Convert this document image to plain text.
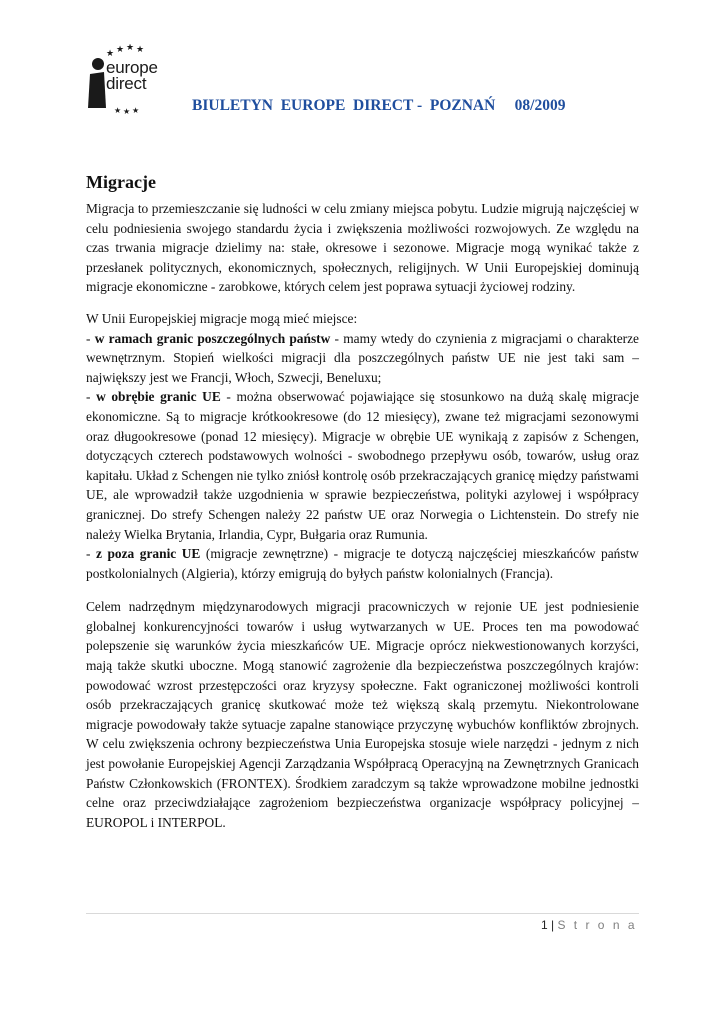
★ ★ ★ ★
★ ★ ★
europe
direct
BIULETYN  EUROPE  DIRECT -  POZNAŃ     08/2009
Migracje

Migracja to przemieszczanie się ludności w celu zmiany miejsca pobytu. Ludzie migrują najczęściej w celu podniesienia swojego standardu życia i zwiększenia możliwości rozwojowych. Ze względu na czas trwania migracje dzielimy na: stałe, okresowe i sezonowe. Migracje mogą wynikać także z przesłanek politycznych, ekonomicznych, społecznych, religijnych. W Unii Europejskiej dominują migracje ekonomiczne - zarobkowe, których celem jest poprawa sytuacji życiowej rodziny.

W Unii Europejskiej migracje mogą mieć miejsce:
- w ramach granic poszczególnych państw - mamy wtedy do czynienia z migracjami o charakterze wewnętrznym. Stopień wielkości migracji dla poszczególnych państw UE nie jest taki sam – największy jest we Francji, Włoch, Szwecji, Beneluxu;
- w obrębie granic UE - można obserwować pojawiające się stosunkowo na dużą skalę migracje ekonomiczne. Są to migracje krótkookresowe (do 12 miesięcy), zwane też migracjami sezonowymi oraz długookresowe (ponad 12 miesięcy). Migracje w obrębie UE wynikają z zapisów z Schengen, dotyczących czterech podstawowych wolności - swobodnego przepływu osób, towarów, usług oraz kapitału. Układ z Schengen nie tylko zniósł kontrolę osób przekraczających granicę między państwami UE, ale wprowadził także uzgodnienia w sprawie bezpieczeństwa, polityki azylowej i współpracy granicznej. Do strefy Schengen należy 22 państw UE oraz Norwegia o Lichtenstein. Do strefy nie należy Wielka Brytania, Irlandia, Cypr, Bułgaria oraz Rumunia.
- z poza granic UE (migracje zewnętrzne) - migracje te dotyczą najczęściej mieszkańców państw postkolonialnych (Algieria), którzy emigrują do byłych państw kolonialnych (Francja).

Celem nadrzędnym międzynarodowych migracji pracowniczych w rejonie UE jest podniesienie globalnej konkurencyjności towarów i usług wytwarzanych w UE. Proces ten ma powodować polepszenie się warunków życia mieszkańców UE. Migracje oprócz niekwestionowanych korzyści, mają także skutki uboczne. Mogą stanowić zagrożenie dla bezpieczeństwa poszczególnych krajów: powodować wzrost przestępczości oraz kryzysy społeczne. Fakt ograniczonej możliwości kontroli osób przekraczających granicę skutkować może też większą skalą przemytu. Niekontrolowane migracje powodowały także sytuacje zapalne stanowiące przyczynę wybuchów konfliktów zbrojnych. W celu zwiększenia ochrony bezpieczeństwa Unia Europejska stosuje wiele narzędzi - jednym z nich jest powołanie Europejskiej Agencji Zarządzania Współpracą Operacyjną na Zewnętrznych Granicach Państw Członkowskich (FRONTEX). Środkiem zaradczym są także wprowadzone mobilne jednostki celne oraz przeciwdziałające zagrożeniom bezpieczeństwa organizacje współpracy policyjnej – EUROPOL i INTERPOL.

1 | S t r o n a
